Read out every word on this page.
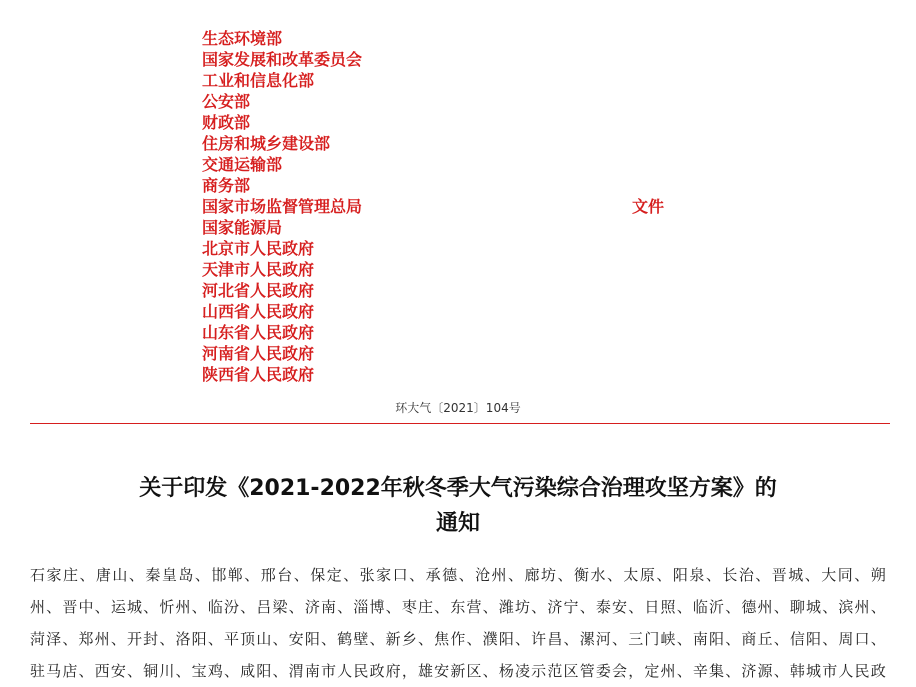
生态环境部
国家发展和改革委员会
工业和信息化部
公安部
财政部
住房和城乡建设部
交通运输部
商务部
国家市场监督管理总局
国家能源局
北京市人民政府
天津市人民政府
河北省人民政府
山西省人民政府
山东省人民政府
河南省人民政府
陕西省人民政府
文件
环大气〔2021〕104号
关于印发《2021-2022年秋冬季大气污染综合治理攻坚方案》的
通知
石家庄、唐山、秦皇岛、邯郸、邢台、保定、张家口、承德、沧州、廊坊、衡水、太原、阳泉、长治、晋城、大同、朔
州、晋中、运城、忻州、临汾、吕梁、济南、淄博、枣庄、东营、潍坊、济宁、泰安、日照、临沂、德州、聊城、滨州、
菏泽、郑州、开封、洛阳、平顶山、安阳、鹤壁、新乡、焦作、濮阳、许昌、漯河、三门峡、南阳、商丘、信阳、周口、
驻马店、西安、铜川、宝鸡、咸阳、渭南市人民政府，雄安新区、杨凌示范区管委会，定州、辛集、济源、韩城市人民政
